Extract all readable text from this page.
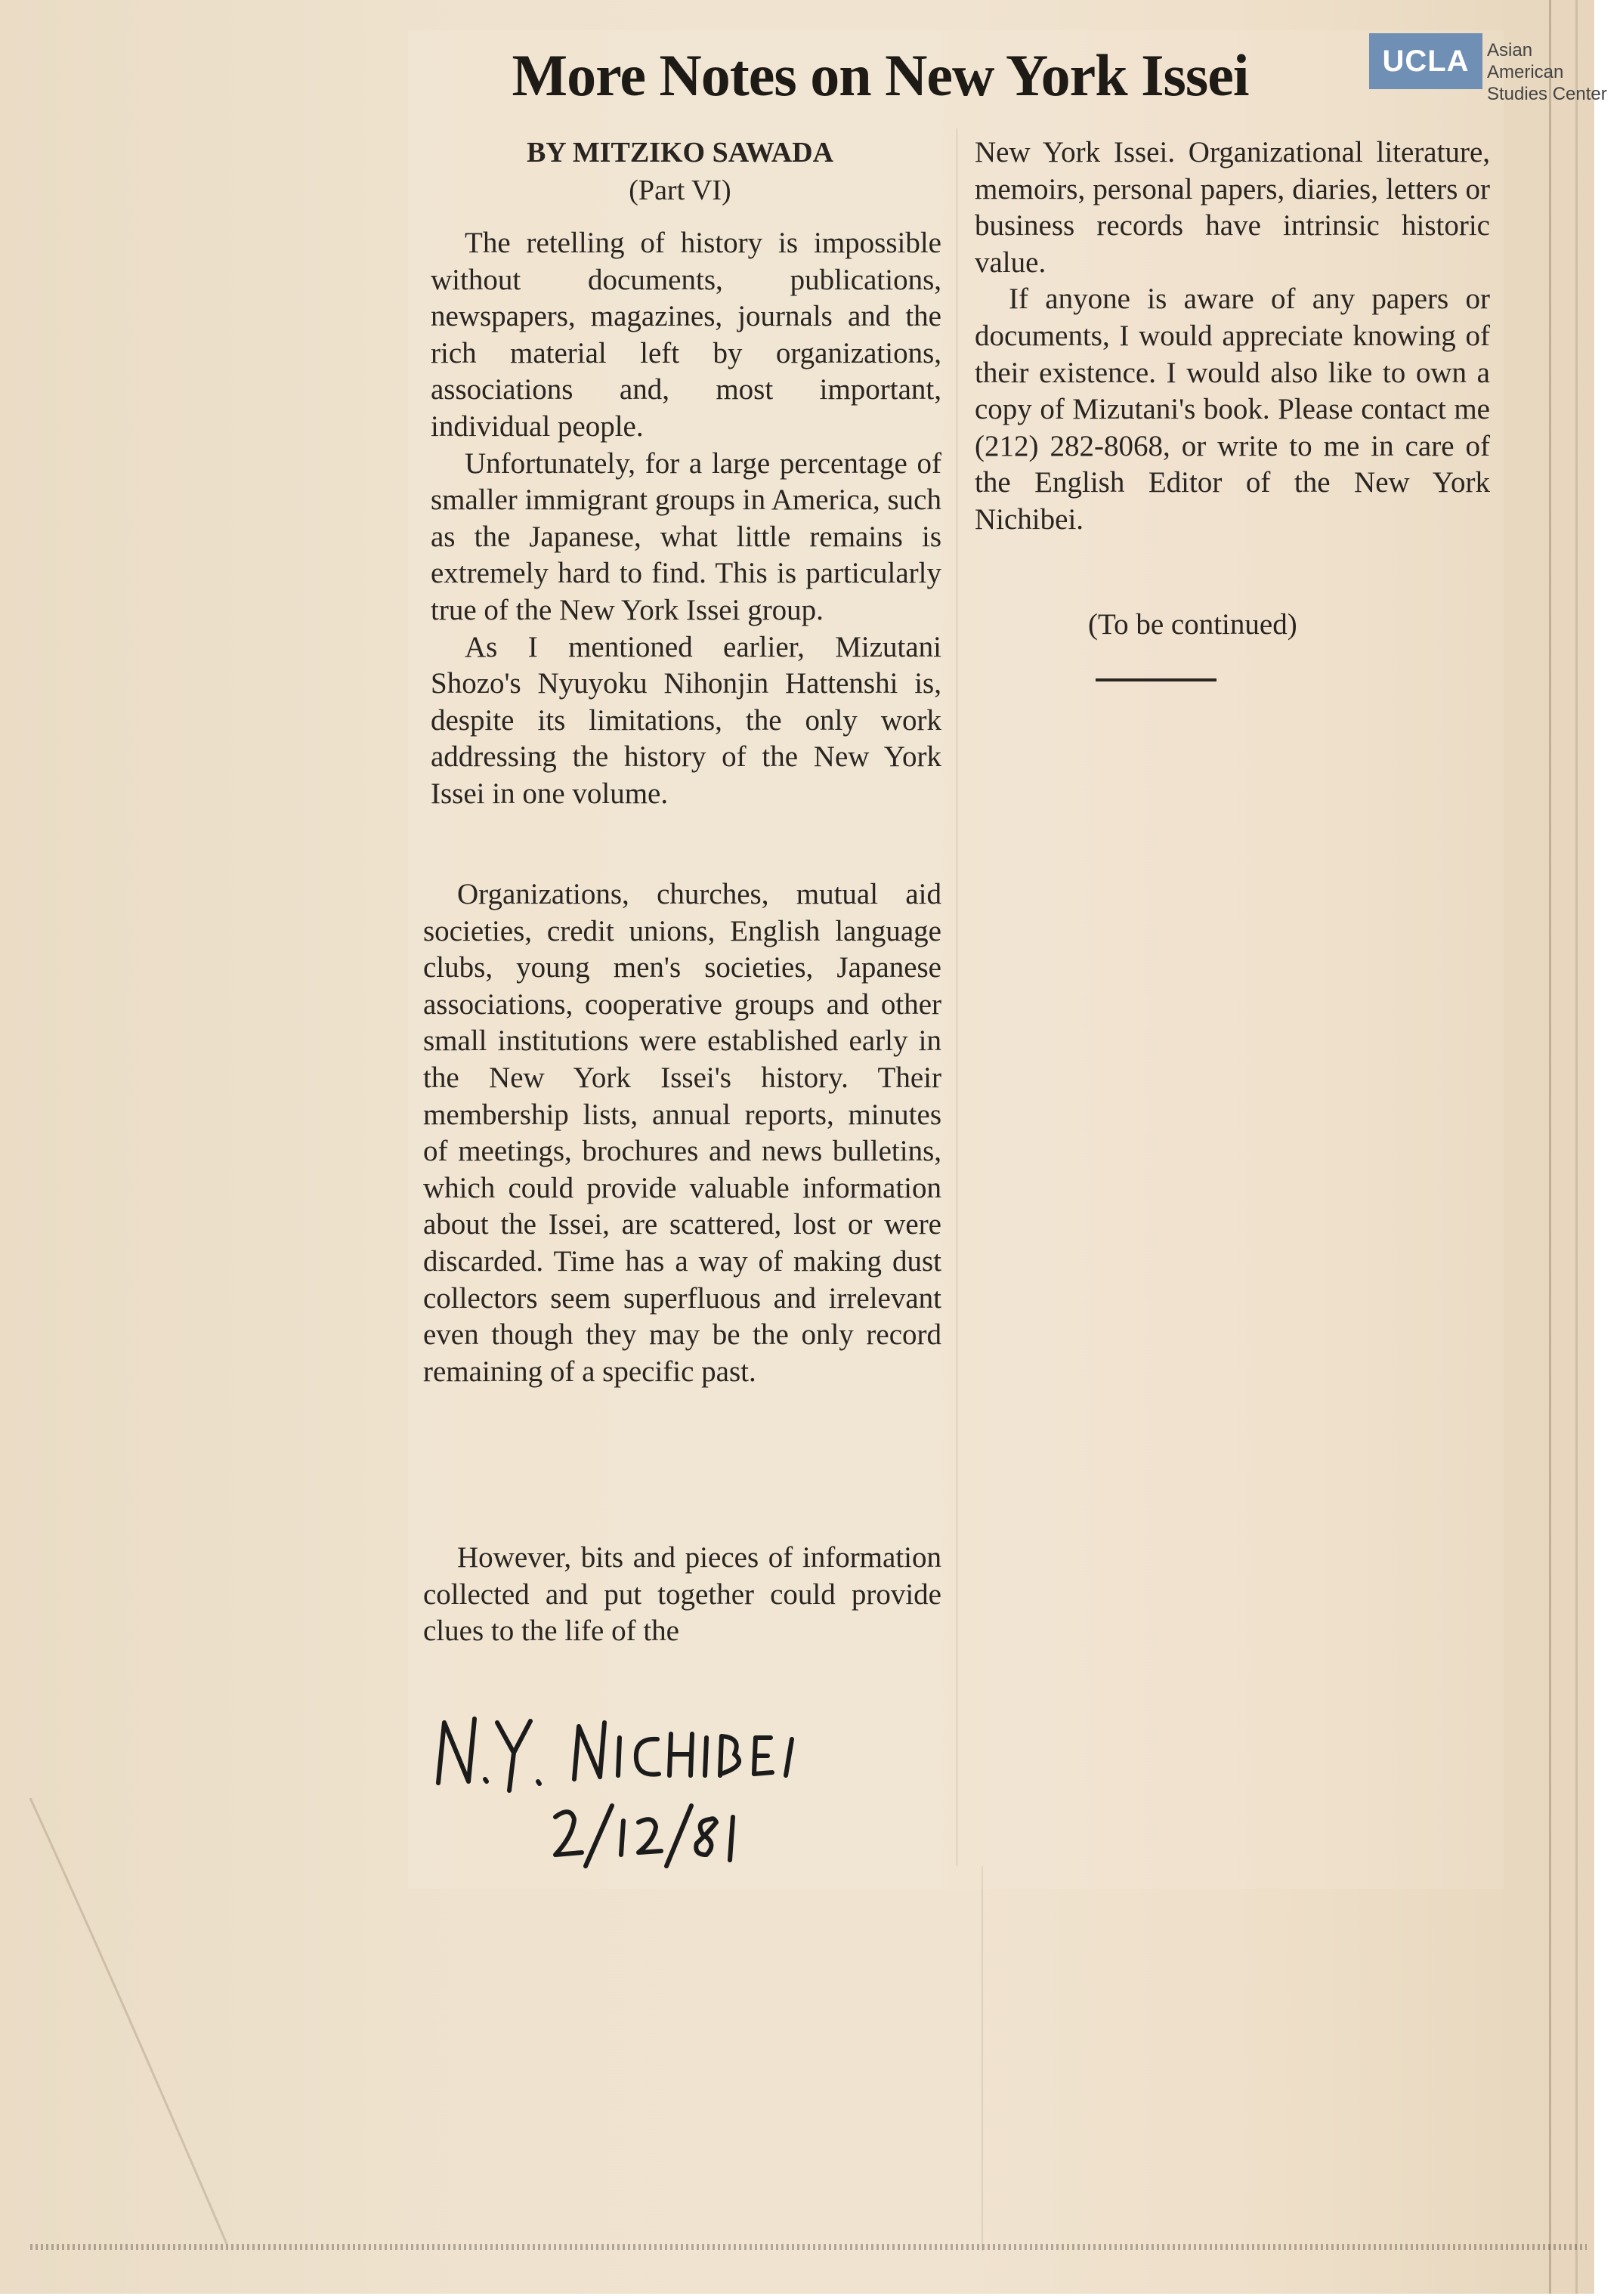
More Notes on New York Issei
BY MITZIKO SAWADA
(Part VI)

The retelling of history is impossible without documents, publications, newspapers, magazines, journals and the rich material left by organizations, associations and, most important, individual people.

Unfortunately, for a large percentage of smaller immigrant groups in America, such as the Japanese, what little remains is extremely hard to find. This is particularly true of the New York Issei group.

As I mentioned earlier, Mizutani Shozo's Nyuyoku Nihonjin Hattenshi is, despite its limitations, the only work addressing the history of the New York Issei in one volume.

Organizations, churches, mutual aid societies, credit unions, English language clubs, young men's societies, Japanese associations, cooperative groups and other small institutions were established early in the New York Issei's history. Their membership lists, annual reports, minutes of meetings, brochures and news bulletins, which could provide valuable information about the Issei, are scattered, lost or were discarded. Time has a way of making dust collectors seem superfluous and irrelevant even though they may be the only record remaining of a specific past.

However, bits and pieces of information collected and put together could provide clues to the life of the

New York Issei. Organizational literature, memoirs, personal papers, diaries, letters or business records have intrinsic historic value.

If anyone is aware of any papers or documents, I would appreciate knowing of their existence. I would also like to own a copy of Mizutani's book. Please contact me (212) 282-8068, or write to me in care of the English Editor of the New York Nichibei.

(To be continued)
UCLA Asian American
Studies Center
